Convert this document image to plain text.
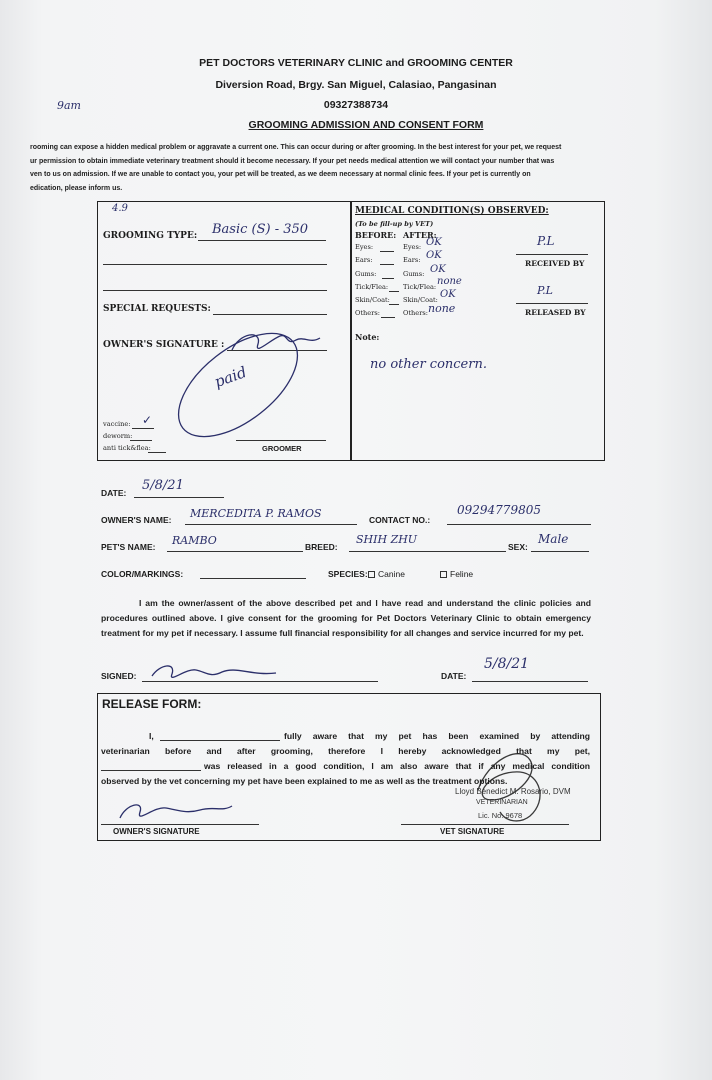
PET DOCTORS VETERINARY CLINIC and GROOMING CENTER
Diversion Road, Brgy. San Miguel, Calasiao, Pangasinan
09327388734
GROOMING ADMISSION AND CONSENT FORM
9am
rooming can expose a hidden medical problem or aggravate a current one. This can occur during or after grooming. In the best interest for your pet, we request
ur permission to obtain immediate veterinary treatment should it become necessary. If your pet needs medical attention we will contact your number that was
ven to us on admission. If we are unable to contact you, your pet will be treated, as we deem necessary at normal clinic fees. If your pet is currently on
edication, please inform us.
4.9
GROOMING TYPE: Basic (S) - 350
SPECIAL REQUESTS:
OWNER'S SIGNATURE :
paid
vaccine: ✓
deworm:
anti tick&flea:	GROOMER
MEDICAL CONDITION(S) OBSERVED:
(To be fill-up by VET)
BEFORE: AFTER:
Eyes:	Eyes: OK
Ears:	Ears: OK
Gums:	Gums: OK
Tick/Flea: Tick/Flea: none
Skin/Coat: Skin/Coat: OK
Others:	Others: none
P.L
RECEIVED BY
P.L
RELEASED BY
Note:
no other concern.
DATE: 5/8/21
OWNER'S NAME: MERCEDITA P. RAMOS	CONTACT NO.:
09294779805
PET'S NAME: RAMBO	BREED:
SHIH ZHU
SEX:
Male
COLOR/MARKINGS:	SPECIES:	Canine	Feline
I am the owner/assent of the above described pet and I have read and understand the clinic policies and procedures outlined above. I give consent for the grooming for Pet Doctors Veterinary Clinic to obtain emergency treatment for my pet if necessary. I assume full financial responsibility for all changes and service incurred for my pet.
SIGNED:	DATE:
5/8/21
RELEASE FORM:
I,	fully aware that my pet has been examined by attending
veterinarian before and after grooming, therefore I hereby acknowledged that my pet,
was released in a good condition, I am also aware that if any medical condition
observed by the vet concerning my pet have been explained to me as well as the treatment options.
Lloyd Benedict M. Rosario, DVM
VETERINARIAN
Lic. No. 9678
OWNER'S SIGNATURE	VET SIGNATURE
